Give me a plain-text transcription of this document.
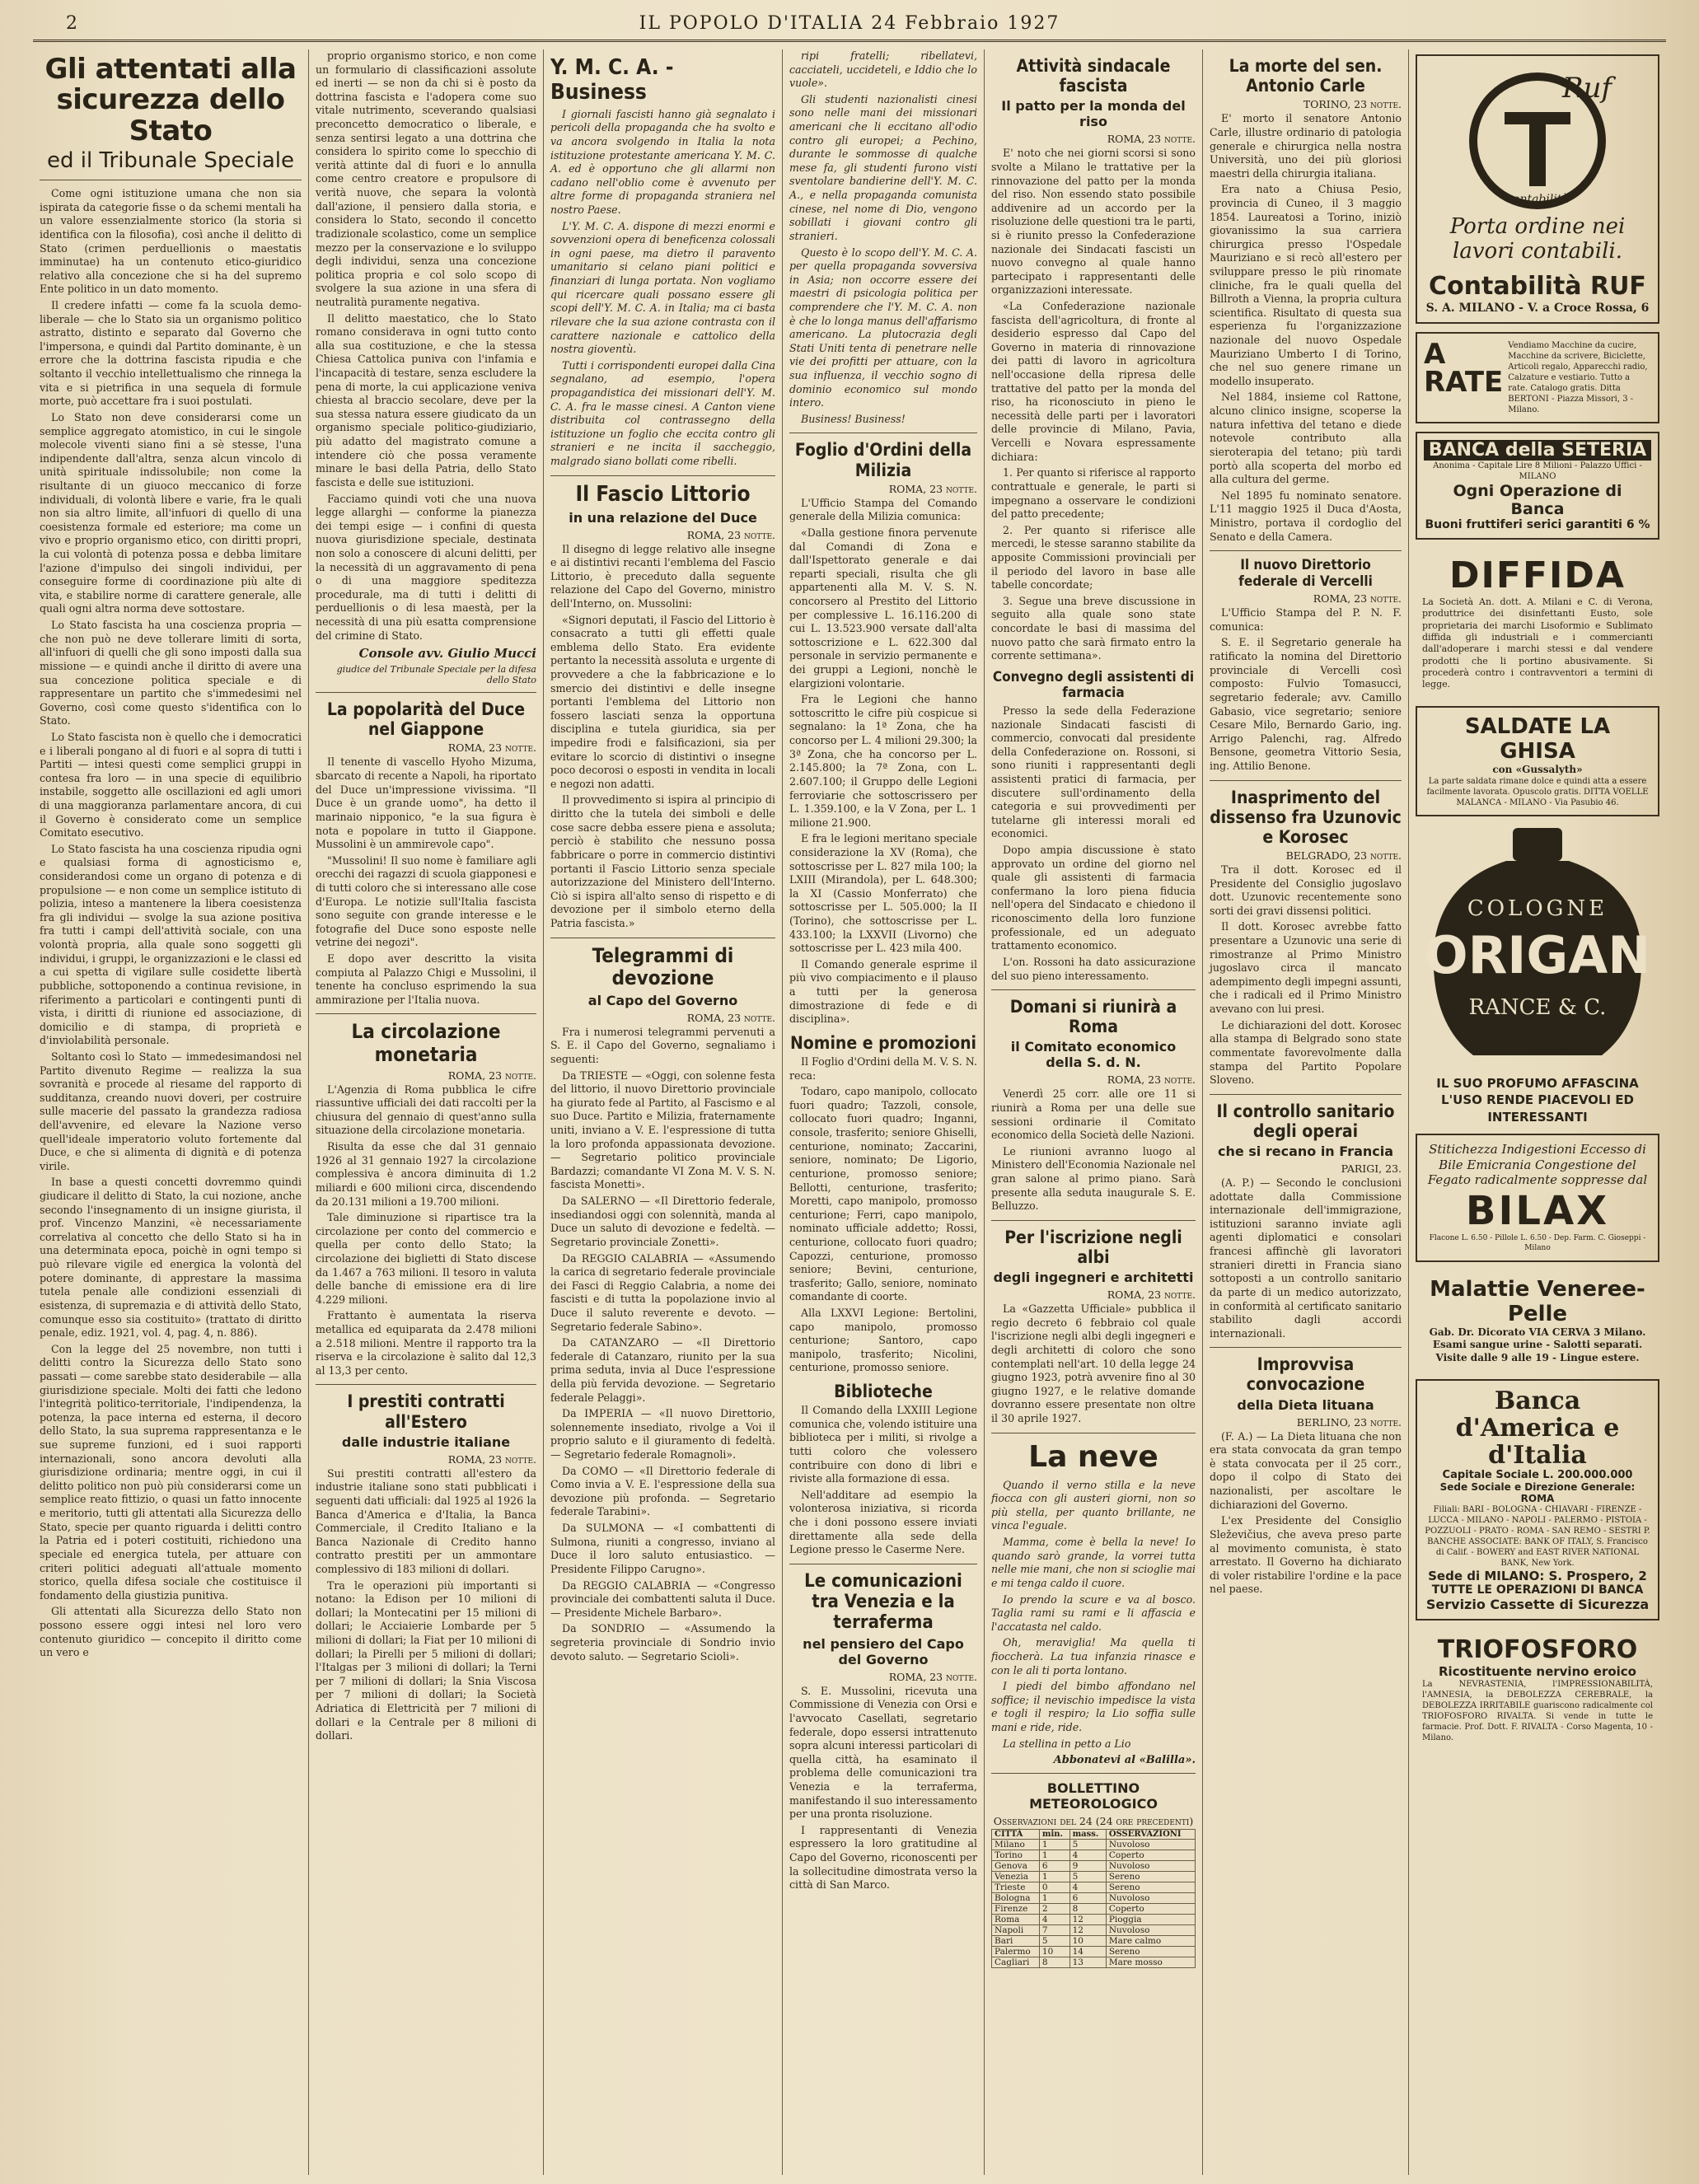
2	IL POPOLO D'ITALIA 24 Febbraio 1927
Gli attentati alla sicurezza dello Stato
ed il Tribunale Speciale
Come ogni istituzione umana che non sia ispirata da categorie fisse o da schemi mentali ha un valore essenzialmente storico (la storia si identifica con la filosofia), così anche il delitto di Stato (crimen perduellionis o maestatis imminutae) ha un contenuto etico-giuridico relativo alla concezione che si ha del supremo Ente politico in un dato momento.
Il credere infatti — come fa la scuola demo-liberale — che lo Stato sia un organismo politico astratto, distinto e separato dal Governo che l'impersona, e quindi dal Partito dominante, è un errore che la dottrina fascista ripudia e che soltanto il vecchio intellettualismo che rinnega la vita e si pietrifica in una sequela di formule morte, può accettare fra i suoi postulati.
Lo Stato non deve considerarsi come un semplice aggregato atomistico, in cui le singole molecole viventi siano fini a sè stesse, l'una indipendente dall'altra, senza alcun vincolo di unità spirituale indissolubile; non come la risultante di un giuoco meccanico di forze individuali, di volontà libere e varie, fra le quali non sia altro limite, all'infuori di quello di una coesistenza formale ed esteriore; ma come un vivo e proprio organismo etico, con diritti propri, la cui volontà di potenza possa e debba limitare l'azione d'impulso dei singoli individui, per conseguire forme di coordinazione più alte di vita, e stabilire norme di carattere generale, alle quali ogni altra norma deve sottostare.
Lo Stato fascista ha una coscienza propria — che non può ne deve tollerare limiti di sorta, all'infuori di quelli che gli sono imposti dalla sua missione — e quindi anche il diritto di avere una sua concezione politica speciale e di rappresentare un partito che s'immedesimi nel Governo, così come questo s'identifica con lo Stato.
Lo Stato fascista non è quello che i democratici e i liberali pongano al di fuori e al sopra di tutti i Partiti — intesi questi come semplici gruppi in contesa fra loro — in una specie di equilibrio instabile, soggetto alle oscillazioni ed agli umori di una maggioranza parlamentare ancora, di cui il Governo è considerato come un semplice Comitato esecutivo.
Lo Stato fascista ha una coscienza ripudia ogni e qualsiasi forma di agnosticismo e, considerandosi come un organo di potenza e di propulsione — e non come un semplice istituto di polizia, inteso a mantenere la libera coesistenza fra gli individui — svolge la sua azione positiva fra tutti i campi dell'attività sociale, con una volontà propria, alla quale sono soggetti gli individui, i gruppi, le organizzazioni e le classi ed a cui spetta di vigilare sulle cosidette libertà pubbliche, sottoponendo a continua revisione, in riferimento a particolari e contingenti punti di vista, i diritti di riunione ed associazione, di domicilio e di stampa, di proprietà e d'inviolabilità personale.
Soltanto così lo Stato — immedesimandosi nel Partito divenuto Regime — realizza la sua sovranità e procede al riesame del rapporto di sudditanza, creando nuovi doveri, per costruire sulle macerie del passato la grandezza radiosa dell'avvenire, ed elevare la Nazione verso quell'ideale imperatorio voluto fortemente dal Duce, e che si alimenta di dignità e di potenza virile.
In base a questi concetti dovremmo quindi giudicare il delitto di Stato, la cui nozione, anche secondo l'insegnamento di un insigne giurista, il prof. Vincenzo Manzini, «è necessariamente correlativa al concetto che dello Stato si ha in una determinata epoca, poichè in ogni tempo si può rilevare vigile ed energica la volontà del potere dominante, di apprestare la massima tutela penale alle condizioni essenziali di esistenza, di supremazia e di attività dello Stato, comunque esso sia costituito» (trattato di diritto penale, ediz. 1921, vol. 4, pag. 4, n. 886).
Con la legge del 25 novembre, non tutti i delitti contro la Sicurezza dello Stato sono passati — come sarebbe stato desiderabile — alla giurisdizione speciale. Molti dei fatti che ledono l'integrità politico-territoriale, l'indipendenza, la potenza, la pace interna ed esterna, il decoro dello Stato, la sua suprema rappresentanza e le sue supreme funzioni, ed i suoi rapporti internazionali, sono ancora devoluti alla giurisdizione ordinaria; mentre oggi, in cui il delitto politico non può più considerarsi come un semplice reato fittizio, o quasi un fatto innocente e meritorio, tutti gli attentati alla Sicurezza dello Stato, specie per quanto riguarda i delitti contro la Patria ed i poteri costituiti, richiedono una speciale ed energica tutela, per attuare con criteri politici adeguati all'attuale momento storico, quella difesa sociale che costituisce il fondamento della giustizia punitiva.
Gli attentati alla Sicurezza dello Stato non possono essere oggi intesi nel loro vero contenuto giuridico — concepito il diritto come un vero e
proprio organismo storico, e non come un formulario di classificazioni assolute ed inerti — se non da chi si è posto da dottrina fascista e l'adopera come suo vitale nutrimento, sceverando qualsiasi preconcetto democratico o liberale, e senza sentirsi legato a una dottrina che considera lo spirito come lo specchio di verità attinte dal di fuori e lo annulla come centro creatore e propulsore di verità nuove, che separa la volontà dall'azione, il pensiero dalla storia, e considera lo Stato, secondo il concetto tradizionale scolastico, come un semplice mezzo per la conservazione e lo sviluppo degli individui, senza una concezione politica propria e col solo scopo di svolgere la sua azione in una sfera di neutralità puramente negativa.
Il delitto maestatico, che lo Stato romano considerava in ogni tutto conto alla sua costituzione, e che la stessa Chiesa Cattolica puniva con l'infamia e l'incapacità di testare, senza escludere la pena di morte, la cui applicazione veniva chiesta al braccio secolare, deve per la sua stessa natura essere giudicato da un organismo speciale politico-giudiziario, più adatto del magistrato comune a intendere ciò che possa veramente minare le basi della Patria, dello Stato fascista e delle sue istituzioni.
Facciamo quindi voti che una nuova legge allarghi — conforme la pianezza dei tempi esige — i confini di questa nuova giurisdizione speciale, destinata non solo a conoscere di alcuni delitti, per la necessità di un aggravamento di pena o di una maggiore speditezza procedurale, ma di tutti i delitti di perduellionis o di lesa maestà, per la necessità di una più esatta comprensione del crimine di Stato.
Console avv. Giulio Mucci
giudice del Tribunale Speciale per la difesa dello Stato
La popolarità del Duce nel Giappone
ROMA, 23 notte.
Il tenente di vascello Hyoho Mizuma, sbarcato di recente a Napoli, ha riportato del Duce un'impressione vivissima. "Il Duce è un grande uomo", ha detto il marinaio nipponico, "e la sua figura è nota e popolare in tutto il Giappone. Mussolini è un ammirevole capo".
"Mussolini! Il suo nome è familiare agli orecchi dei ragazzi di scuola giapponesi e di tutti coloro che si interessano alle cose d'Europa. Le notizie sull'Italia fascista sono seguite con grande interesse e le fotografie del Duce sono esposte nelle vetrine dei negozi".
E dopo aver descritto la visita compiuta al Palazzo Chigi e Mussolini, il tenente ha concluso esprimendo la sua ammirazione per l'Italia nuova.
La circolazione monetaria
ROMA, 23 notte.
L'Agenzia di Roma pubblica le cifre riassuntive ufficiali dei dati raccolti per la chiusura del gennaio di quest'anno sulla situazione della circolazione monetaria.
Risulta da esse che dal 31 gennaio 1926 al 31 gennaio 1927 la circolazione complessiva è ancora diminuita di 1.2 miliardi e 600 milioni circa, discendendo da 20.131 milioni a 19.700 milioni.
Tale diminuzione si ripartisce tra la circolazione per conto del commercio e quella per conto dello Stato; la circolazione dei biglietti di Stato discese da 1.467 a 763 milioni. Il tesoro in valuta delle banche di emissione era di lire 4.229 milioni.
Frattanto è aumentata la riserva metallica ed equiparata da 2.478 milioni a 2.518 milioni. Mentre il rapporto tra la riserva e la circolazione è salito dal 12,3 al 13,3 per cento.
I prestiti contratti all'Estero
dalle industrie italiane
ROMA, 23 notte.
Sui prestiti contratti all'estero da industrie italiane sono stati pubblicati i seguenti dati ufficiali: dal 1925 al 1926 la Banca d'America e d'Italia, la Banca Commerciale, il Credito Italiano e la Banca Nazionale di Credito hanno contratto prestiti per un ammontare complessivo di 183 milioni di dollari.
Tra le operazioni più importanti si notano: la Edison per 10 milioni di dollari; la Montecatini per 15 milioni di dollari; le Acciaierie Lombarde per 5 milioni di dollari; la Fiat per 10 milioni di dollari; la Pirelli per 5 milioni di dollari; l'Italgas per 3 milioni di dollari; la Terni per 7 milioni di dollari; la Snia Viscosa per 7 milioni di dollari; la Società Adriatica di Elettricità per 7 milioni di dollari e la Centrale per 8 milioni di dollari.
Y. M. C. A. - Business
I giornali fascisti hanno già segnalato i pericoli della propaganda che ha svolto e va ancora svolgendo in Italia la nota istituzione protestante americana Y. M. C. A. ed è opportuno che gli allarmi non cadano nell'oblio come è avvenuto per altre forme di propaganda straniera nel nostro Paese.
L'Y. M. C. A. dispone di mezzi enormi e sovvenzioni opera di beneficenza colossali in ogni paese, ma dietro il paravento umanitario si celano piani politici e finanziari di lunga portata. Non vogliamo qui ricercare quali possano essere gli scopi dell'Y. M. C. A. in Italia; ma ci basta rilevare che la sua azione contrasta con il carattere nazionale e cattolico della nostra gioventù.
Tutti i corrispondenti europei dalla Cina segnalano, ad esempio, l'opera propagandistica dei missionari dell'Y. M. C. A. fra le masse cinesi. A Canton viene distribuita col contrassegno della istituzione un foglio che eccita contro gli stranieri e ne incita il saccheggio, malgrado siano bollati come ribelli.
Il Fascio Littorio
in una relazione del Duce
ROMA, 23 notte.
Il disegno di legge relativo alle insegne e ai distintivi recanti l'emblema del Fascio Littorio, è preceduto dalla seguente relazione del Capo del Governo, ministro dell'Interno, on. Mussolini:
«Signori deputati, il Fascio del Littorio è consacrato a tutti gli effetti quale emblema dello Stato. Era evidente pertanto la necessità assoluta e urgente di provvedere a che la fabbricazione e lo smercio dei distintivi e delle insegne portanti l'emblema del Littorio non fossero lasciati senza la opportuna disciplina e tutela giuridica, sia per impedire frodi e falsificazioni, sia per evitare lo scorcio di distintivi o insegne poco decorosi o esposti in vendita in locali e negozi non adatti.
Il provvedimento si ispira al principio di diritto che la tutela dei simboli e delle cose sacre debba essere piena e assoluta; perciò è stabilito che nessuno possa fabbricare o porre in commercio distintivi portanti il Fascio Littorio senza speciale autorizzazione del Ministero dell'Interno. Ciò si ispira all'alto senso di rispetto e di devozione per il simbolo eterno della Patria fascista.»
Telegrammi di devozione
al Capo del Governo
ROMA, 23 notte.
Fra i numerosi telegrammi pervenuti a S. E. il Capo del Governo, segnaliamo i seguenti:
Da TRIESTE — «Oggi, con solenne festa del littorio, il nuovo Direttorio provinciale ha giurato fede al Partito, al Fascismo e al suo Duce. Partito e Milizia, fraternamente uniti, inviano a V. E. l'espressione di tutta la loro profonda appassionata devozione. — Segretario politico provinciale Bardazzi; comandante VI Zona M. V. S. N. fascista Monetti».
Da SALERNO — «Il Direttorio federale, insediandosi oggi con solennità, manda al Duce un saluto di devozione e fedeltà. — Segretario provinciale Zonetti».
Da REGGIO CALABRIA — «Assumendo la carica di segretario federale provinciale dei Fasci di Reggio Calabria, a nome dei fascisti e di tutta la popolazione invio al Duce il saluto reverente e devoto. — Segretario federale Sabino».
Da CATANZARO — «Il Direttorio federale di Catanzaro, riunito per la sua prima seduta, invia al Duce l'espressione della più fervida devozione. — Segretario federale Pelaggi».
Da IMPERIA — «Il nuovo Direttorio, solennemente insediato, rivolge a Voi il proprio saluto e il giuramento di fedeltà. — Segretario federale Romagnoli».
Da COMO — «Il Direttorio federale di Como invia a V. E. l'espressione della sua devozione più profonda. — Segretario federale Tarabini».
Da SULMONA — «I combattenti di Sulmona, riuniti a congresso, inviano al Duce il loro saluto entusiastico. — Presidente Filippo Carugno».
Da REGGIO CALABRIA — «Congresso provinciale dei combattenti saluta il Duce. — Presidente Michele Barbaro».
Da SONDRIO — «Assumendo la segreteria provinciale di Sondrio invio devoto saluto. — Segretario Scioli».
ripi fratelli; ribellatevi, cacciateli, uccideteli, e Iddio che lo vuole».
Gli studenti nazionalisti cinesi sono nelle mani dei missionari americani che li eccitano all'odio contro gli europei; a Pechino, durante le sommosse di qualche mese fa, gli studenti furono visti sventolare bandierine dell'Y. M. C. A., e nella propaganda comunista cinese, nel nome di Dio, vengono sobillati i giovani contro gli stranieri.
Questo è lo scopo dell'Y. M. C. A. per quella propaganda sovversiva in Asia; non occorre essere dei maestri di psicologia politica per comprendere che l'Y. M. C. A. non è che lo longa manus dell'affarismo americano. La plutocrazia degli Stati Uniti tenta di penetrare nelle vie dei profitti per attuare, con la sua influenza, il vecchio sogno di dominio economico sul mondo intero.
Business! Business!
Foglio d'Ordini della Milizia
ROMA, 23 notte.
L'Ufficio Stampa del Comando generale della Milizia comunica:
«Dalla gestione finora pervenute dal Comandi di Zona e dall'Ispettorato generale e dai reparti speciali, risulta che gli appartenenti alla M. V. S. N. concorsero al Prestito del Littorio per complessive L. 16.116.200 di cui L. 13.523.900 versate dall'alta sottoscrizione e L. 622.300 dal personale in servizio permanente e dei gruppi a Legioni, nonchè le elargizioni volontarie.
Fra le Legioni che hanno sottoscritto le cifre più cospicue si segnalano: la 1ª Zona, che ha concorso per L. 4 milioni 29.300; la 3ª Zona, che ha concorso per L. 2.145.800; la 7ª Zona, con L. 2.607.100; il Gruppo delle Legioni ferroviarie che sottoscrissero per L. 1.359.100, e la V Zona, per L. 1 milione 21.900.
E fra le legioni meritano speciale considerazione la XV (Roma), che sottoscrisse per L. 827 mila 100; la LXIII (Mirandola), per L. 648.300; la XI (Cassio Monferrato) che sottoscrisse per L. 505.000; la II (Torino), che sottoscrisse per L. 433.100; la LXXVII (Livorno) che sottoscrisse per L. 423 mila 400.
Il Comando generale esprime il più vivo compiacimento e il plauso a tutti per la generosa dimostrazione di fede e di disciplina».
Nomine e promozioni
Il Foglio d'Ordini della M. V. S. N. reca:
Todaro, capo manipolo, collocato fuori quadro; Tazzoli, console, collocato fuori quadro; Inganni, console, trasferito; seniore Ghiselli, centurione, nominato; Zaccarini, seniore, nominato; De Ligorio, centurione, promosso seniore; Bellotti, centurione, trasferito; Moretti, capo manipolo, promosso centurione; Ferri, capo manipolo, nominato ufficiale addetto; Rossi, centurione, collocato fuori quadro; Capozzi, centurione, promosso seniore; Bevini, centurione, trasferito; Gallo, seniore, nominato comandante di coorte.
Alla LXXVI Legione: Bertolini, capo manipolo, promosso centurione; Santoro, capo manipolo, trasferito; Nicolini, centurione, promosso seniore.
Biblioteche
Il Comando della LXXIII Legione comunica che, volendo istituire una biblioteca per i militi, si rivolge a tutti coloro che volessero contribuire con dono di libri e riviste alla formazione di essa.
Nell'additare ad esempio la volonterosa iniziativa, si ricorda che i doni possono essere inviati direttamente alla sede della Legione presso le Caserme Nere.
Le comunicazioni tra Venezia e la terraferma
nel pensiero del Capo del Governo
ROMA, 23 notte.
S. E. Mussolini, ricevuta una Commissione di Venezia con Orsi e l'avvocato Casellati, segretario federale, dopo essersi intrattenuto sopra alcuni interessi particolari di quella città, ha esaminato il problema delle comunicazioni tra Venezia e la terraferma, manifestando il suo interessamento per una pronta risoluzione.
I rappresentanti di Venezia espressero la loro gratitudine al Capo del Governo, riconoscenti per la sollecitudine dimostrata verso la città di San Marco.
Attività sindacale fascista
Il patto per la monda del riso
ROMA, 23 notte.
E' noto che nei giorni scorsi si sono svolte a Milano le trattative per la rinnovazione del patto per la monda del riso. Non essendo stato possibile addivenire ad un accordo per la risoluzione delle questioni tra le parti, si è riunito presso la Confederazione nazionale dei Sindacati fascisti un nuovo convegno al quale hanno partecipato i rappresentanti delle organizzazioni interessate.
«La Confederazione nazionale fascista dell'agricoltura, di fronte al desiderio espresso dal Capo del Governo in materia di rinnovazione dei patti di lavoro in agricoltura nell'occasione della ripresa delle trattative del patto per la monda del riso, ha riconosciuto in pieno le necessità delle parti per i lavoratori delle provincie di Milano, Pavia, Vercelli e Novara espressamente dichiara:
1. Per quanto si riferisce al rapporto contrattuale e generale, le parti si impegnano a osservare le condizioni del patto precedente;
2. Per quanto si riferisce alle mercedi, le stesse saranno stabilite da apposite Commissioni provinciali per il periodo del lavoro in base alle tabelle concordate;
3. Segue una breve discussione in seguito alla quale sono state concordate le basi di massima del nuovo patto che sarà firmato entro la corrente settimana».
Convegno degli assistenti di farmacia
Presso la sede della Federazione nazionale Sindacati fascisti di commercio, convocati dal presidente della Confederazione on. Rossoni, si sono riuniti i rappresentanti degli assistenti pratici di farmacia, per discutere sull'ordinamento della categoria e sui provvedimenti per tutelarne gli interessi morali ed economici.
Dopo ampia discussione è stato approvato un ordine del giorno nel quale gli assistenti di farmacia confermano la loro piena fiducia nell'opera del Sindacato e chiedono il riconoscimento della loro funzione professionale, ed un adeguato trattamento economico.
L'on. Rossoni ha dato assicurazione del suo pieno interessamento.
Domani si riunirà a Roma
il Comitato economico della S. d. N.
ROMA, 23 notte.
Venerdì 25 corr. alle ore 11 si riunirà a Roma per una delle sue sessioni ordinarie il Comitato economico della Società delle Nazioni.
Le riunioni avranno luogo al Ministero dell'Economia Nazionale nel gran salone al primo piano. Sarà presente alla seduta inaugurale S. E. Belluzzo.
Per l'iscrizione negli albi
degli ingegneri e architetti
ROMA, 23 notte.
La «Gazzetta Ufficiale» pubblica il regio decreto 6 febbraio col quale l'iscrizione negli albi degli ingegneri e degli architetti di coloro che sono contemplati nell'art. 10 della legge 24 giugno 1923, potrà avvenire fino al 30 giugno 1927, e le relative domande dovranno essere presentate non oltre il 30 aprile 1927.
La neve
Quando il verno stilla e la neve fiocca con gli austeri giorni, non so più stella, per quanto brillante, ne vinca l'eguale.
Mamma, come è bella la neve! Io quando sarò grande, la vorrei tutta nelle mie mani, che non si scioglie mai e mi tenga caldo il cuore.
Io prendo la scure e va al bosco. Taglia rami su rami e li affascia e l'accatasta nel caldo.
Oh, meraviglia! Ma quella ti fioccherà. La tua infanzia rinasce e con le ali ti porta lontano.
I piedi del bimbo affondano nel soffice; il nevischio impedisce la vista e togli il respiro; la Lio soffia sulle mani e ride, ride.
La stellina in petto a Lio
Abbonatevi al «Balilla».
BOLLETTINO METEOROLOGICO
Osservazioni del 24 (24 ore precedenti)
CITTÀ	min.	mass.	OSSERVAZIONI
Milano	1	5	Nuvoloso
Torino	1	4	Coperto
Genova	6	9	Nuvoloso
Venezia	1	5	Sereno
Trieste	0	4	Sereno
Bologna	1	6	Nuvoloso
Firenze	2	8	Coperto
Roma	4	12	Pioggia
Napoli	7	12	Nuvoloso
Bari	5	10	Mare calmo
Palermo	10	14	Sereno
Cagliari	8	13	Mare mosso
La morte del sen. Antonio Carle
TORINO, 23 notte.
E' morto il senatore Antonio Carle, illustre ordinario di patologia generale e chirurgica nella nostra Università, uno dei più gloriosi maestri della chirurgia italiana.
Era nato a Chiusa Pesio, provincia di Cuneo, il 3 maggio 1854. Laureatosi a Torino, iniziò giovanissimo la sua carriera chirurgica presso l'Ospedale Mauriziano e si recò all'estero per sviluppare presso le più rinomate cliniche, fra le quali quella del Billroth a Vienna, la propria cultura scientifica. Risultato di questa sua esperienza fu l'organizzazione nazionale del nuovo Ospedale Mauriziano Umberto I di Torino, che nel suo genere rimane un modello insuperato.
Nel 1884, insieme col Rattone, alcuno clinico insigne, scoperse la natura infettiva del tetano e diede notevole contributo alla sieroterapia del tetano; più tardi portò alla scoperta del morbo ed alla cultura del germe.
Nel 1895 fu nominato senatore. L'11 maggio 1925 il Duca d'Aosta, Ministro, portava il cordoglio del Senato e della Camera.
Il nuovo Direttorio federale di Vercelli
ROMA, 23 notte.
L'Ufficio Stampa del P. N. F. comunica:
S. E. il Segretario generale ha ratificato la nomina del Direttorio provinciale di Vercelli così composto: Fulvio Tomasucci, segretario federale; avv. Camillo Gabasio, vice segretario; seniore Cesare Milo, Bernardo Gario, ing. Arrigo Palenchi, rag. Alfredo Bensone, geometra Vittorio Sesia, ing. Attilio Benone.
Inasprimento del dissenso fra Uzunovic e Korosec
BELGRADO, 23 notte.
Tra il dott. Korosec ed il Presidente del Consiglio jugoslavo dott. Uzunovic recentemente sono sorti dei gravi dissensi politici.
Il dott. Korosec avrebbe fatto presentare a Uzunovic una serie di rimostranze al Primo Ministro jugoslavo circa il mancato adempimento degli impegni assunti, che i radicali ed il Primo Ministro avevano con lui presi.
Le dichiarazioni del dott. Korosec alla stampa di Belgrado sono state commentate favorevolmente dalla stampa del Partito Popolare Sloveno.
Il controllo sanitario degli operai
che si recano in Francia
PARIGI, 23.
(A. P.) — Secondo le conclusioni adottate dalla Commissione internazionale dell'immigrazione, istituzioni saranno inviate agli agenti diplomatici e consolari francesi affinchè gli lavoratori stranieri diretti in Francia siano sottoposti a un controllo sanitario da parte di un medico autorizzato, in conformità al certificato sanitario stabilito dagli accordi internazionali.
Improvvisa convocazione
della Dieta lituana
BERLINO, 23 notte.
(F. A.) — La Dieta lituana che non era stata convocata da gran tempo è stata convocata per il 25 corr., dopo il colpo di Stato dei nazionalisti, per ascoltare le dichiarazioni del Governo.
L'ex Presidente del Consiglio Sleževičius, che aveva preso parte al movimento comunista, è stato arrestato. Il Governo ha dichiarato di voler ristabilire l'ordine e la pace nel paese.
Ruf
contabilità
Porta ordine nei lavori contabili.
Contabilità RUF
S. A. MILANO - V. a Croce Rossa, 6
A RATE
Vendiamo Macchine da cucire, Macchine da scrivere, Biciclette, Articoli regalo, Apparecchi radio, Calzature e vestiario. Tutto a rate. Catalogo gratis. Ditta BERTONI - Piazza Missori, 3 - Milano.
BANCA della SETERIA
Anonima - Capitale Lire 8 Milioni - Palazzo Uffici - MILANO
Ogni Operazione di Banca
Buoni fruttiferi serici garantiti 6 %
DIFFIDA
La Società An. dott. A. Milani e C. di Verona, produttrice dei disinfettanti Eusto, sole proprietaria dei marchi Lisoformio e Sublimato diffida gli industriali e i commercianti dall'adoperare i marchi stessi e dal vendere prodotti che li portino abusivamente. Si procederà contro i contravventori a termini di legge.
SALDATE LA GHISA
con «Gussalyth»
La parte saldata rimane dolce e quindi atta a essere facilmente lavorata. Opuscolo gratis. DITTA VOELLE MALANCA - MILANO - Via Pasubio 46.
COLOGNE
ORIGAN
RANCE & C.
IL SUO PROFUMO AFFASCINA L'USO RENDE PIACEVOLI ED INTERESSANTI
Stitichezza Indigestioni Eccesso di Bile Emicrania Congestione del Fegato radicalmente soppresse dal
BILAX
Flacone L. 6.50 - Pillole L. 6.50 - Dep. Farm. C. Gioseppi - Milano
Malattie Veneree-Pelle
Gab. Dr. Dicorato VIA CERVA 3 Milano. Esami sangue urine - Salotti separati. Visite dalle 9 alle 19 - Lingue estere.
Banca d'America e d'Italia
Capitale Sociale L. 200.000.000
Sede Sociale e Direzione Generale: ROMA
Filiali: BARI - BOLOGNA - CHIAVARI - FIRENZE - LUCCA - MILANO - NAPOLI - PALERMO - PISTOIA - POZZUOLI - PRATO - ROMA - SAN REMO - SESTRI P.
BANCHE ASSOCIATE: BANK OF ITALY, S. Francisco di Calif. - BOWERY and EAST RIVER NATIONAL BANK, New York.
Sede di MILANO: S. Prospero, 2
TUTTE LE OPERAZIONI DI BANCA
Servizio Cassette di Sicurezza
TRIOFOSFORO
Ricostituente nervino eroico
La NEVRASTENIA, l'IMPRESSIONABILITÀ, l'AMNESIA, la DEBOLEZZA CEREBRALE, la DEBOLEZZA IRRITABILE guariscono radicalmente col TRIOFOSFORO RIVALTA. Si vende in tutte le farmacie. Prof. Dott. F. RIVALTA - Corso Magenta, 10 - Milano.
